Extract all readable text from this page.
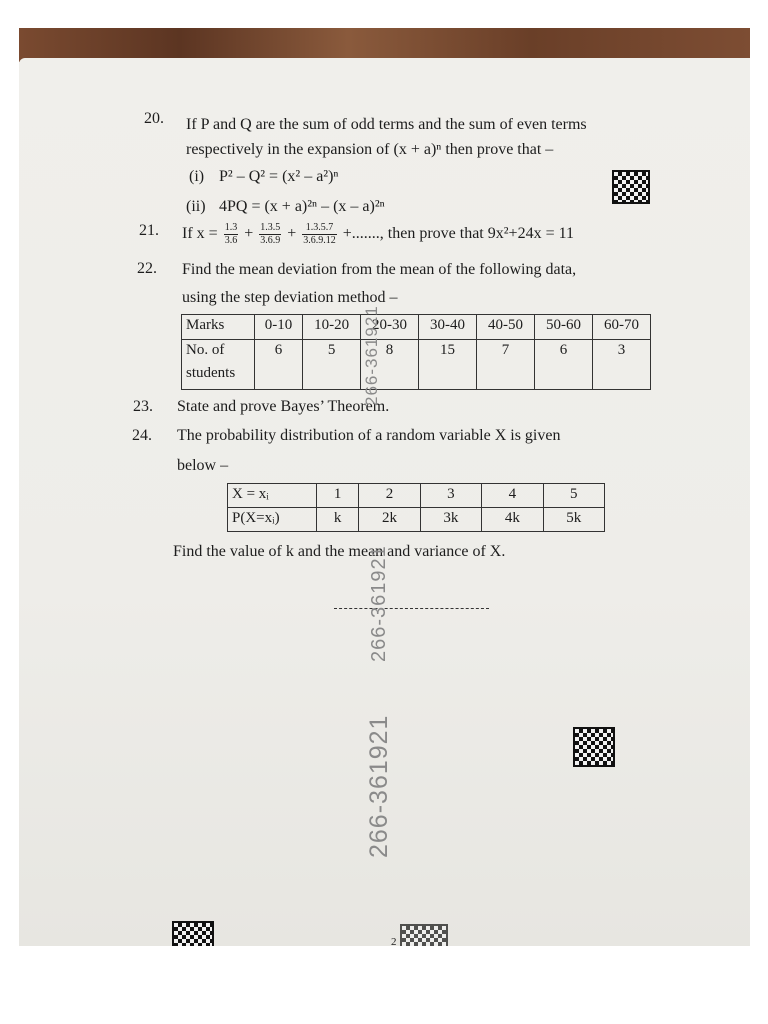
20. If P and Q are the sum of odd terms and the sum of even terms
respectively in the expansion of (x + a)ⁿ then prove that –
(i) P² – Q² = (x² – a²)ⁿ
(ii) 4PQ = (x + a)²ⁿ – (x – a)²ⁿ
21. If $x = \frac{1.3}{3.6} + \frac{1.3.5}{3.6.9} + \frac{1.3.5.7}{3.6.9.12}$ +......., then prove that 9x²+24x = 11
22. Find the mean deviation from the mean of the following data,
using the step deviation method –
Marks	0-10	10-20	20-30	30-40	40-50	50-60	60-70
No. of
students	6	5	8	15	7	6	3
23. State and prove Bayes’ Theorem.
24. The probability distribution of a random variable X is given
below –
X = xᵢ	1	2	3	4	5
P(X=xᵢ)	k	2k	3k	4k	5k
Find the value of k and the mean and variance of X.
266-361921
266-361921
266-361921
2
